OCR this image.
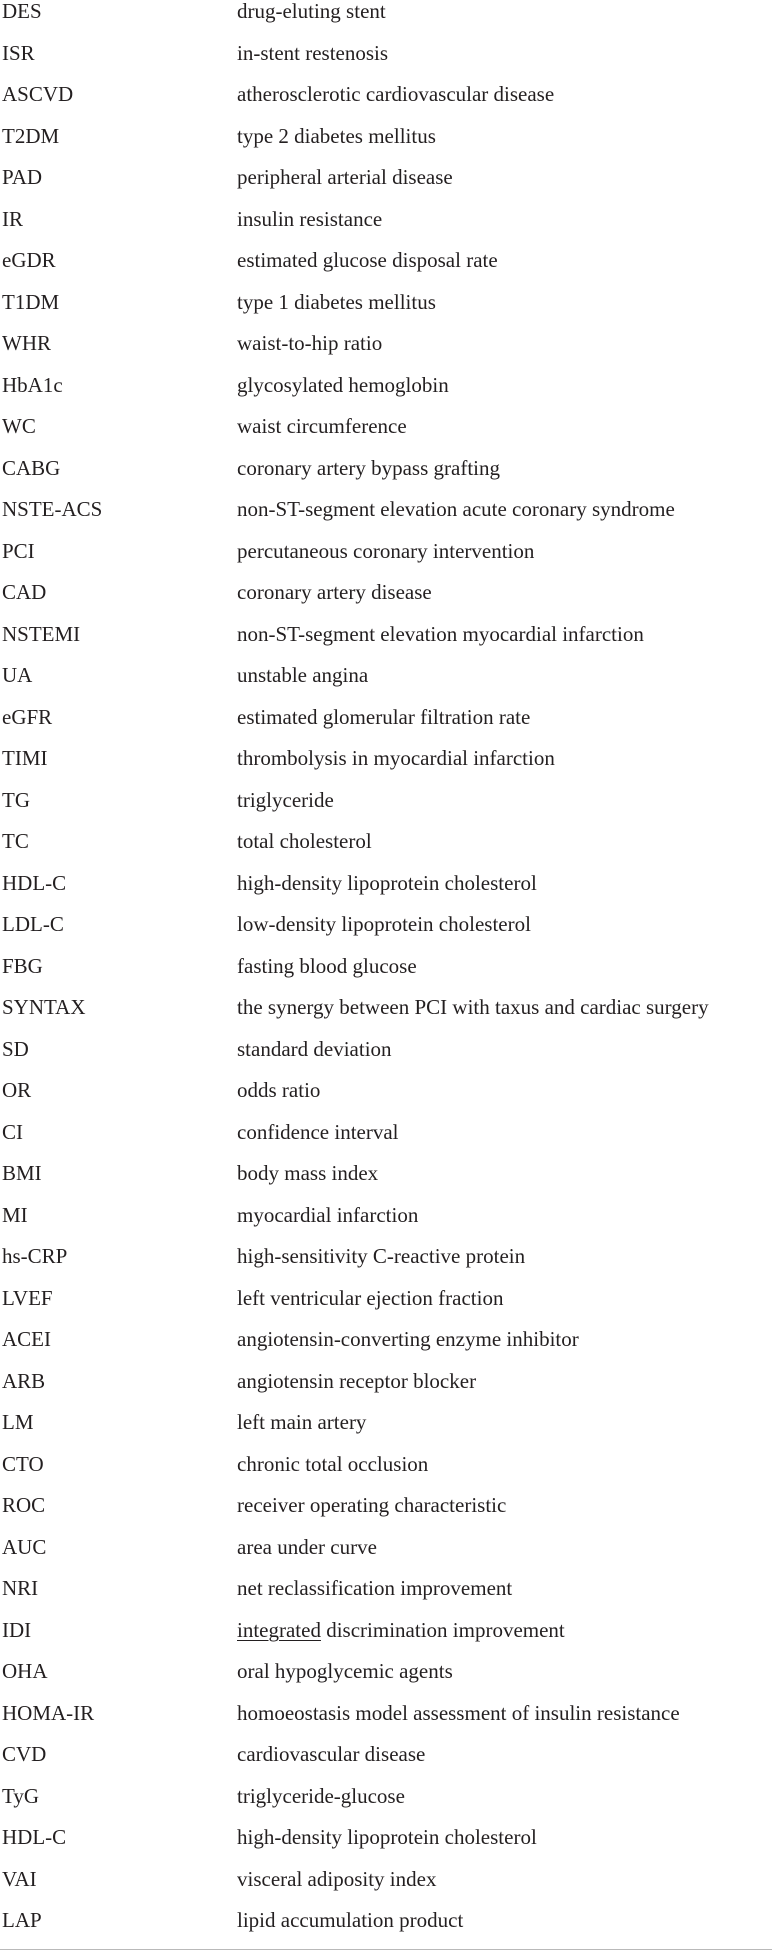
DES	drug-eluting stent
ISR	in-stent restenosis
ASCVD	atherosclerotic cardiovascular disease
T2DM	type 2 diabetes mellitus
PAD	peripheral arterial disease
IR	insulin resistance
eGDR	estimated glucose disposal rate
T1DM	type 1 diabetes mellitus
WHR	waist-to-hip ratio
HbA1c	glycosylated hemoglobin
WC	waist circumference
CABG	coronary artery bypass grafting
NSTE-ACS	non-ST-segment elevation acute coronary syndrome
PCI	percutaneous coronary intervention
CAD	coronary artery disease
NSTEMI	non-ST-segment elevation myocardial infarction
UA	unstable angina
eGFR	estimated glomerular filtration rate
TIMI	thrombolysis in myocardial infarction
TG	triglyceride
TC	total cholesterol
HDL-C	high-density lipoprotein cholesterol
LDL-C	low-density lipoprotein cholesterol
FBG	fasting blood glucose
SYNTAX	the synergy between PCI with taxus and cardiac surgery
SD	standard deviation
OR	odds ratio
CI	confidence interval
BMI	body mass index
MI	myocardial infarction
hs-CRP	high-sensitivity C-reactive protein
LVEF	left ventricular ejection fraction
ACEI	angiotensin-converting enzyme inhibitor
ARB	angiotensin receptor blocker
LM	left main artery
CTO	chronic total occlusion
ROC	receiver operating characteristic
AUC	area under curve
NRI	net reclassification improvement
IDI	integrated discrimination improvement
OHA	oral hypoglycemic agents
HOMA-IR	homoeostasis model assessment of insulin resistance
CVD	cardiovascular disease
TyG	triglyceride-glucose
HDL-C	high-density lipoprotein cholesterol
VAI	visceral adiposity index
LAP	lipid accumulation product
